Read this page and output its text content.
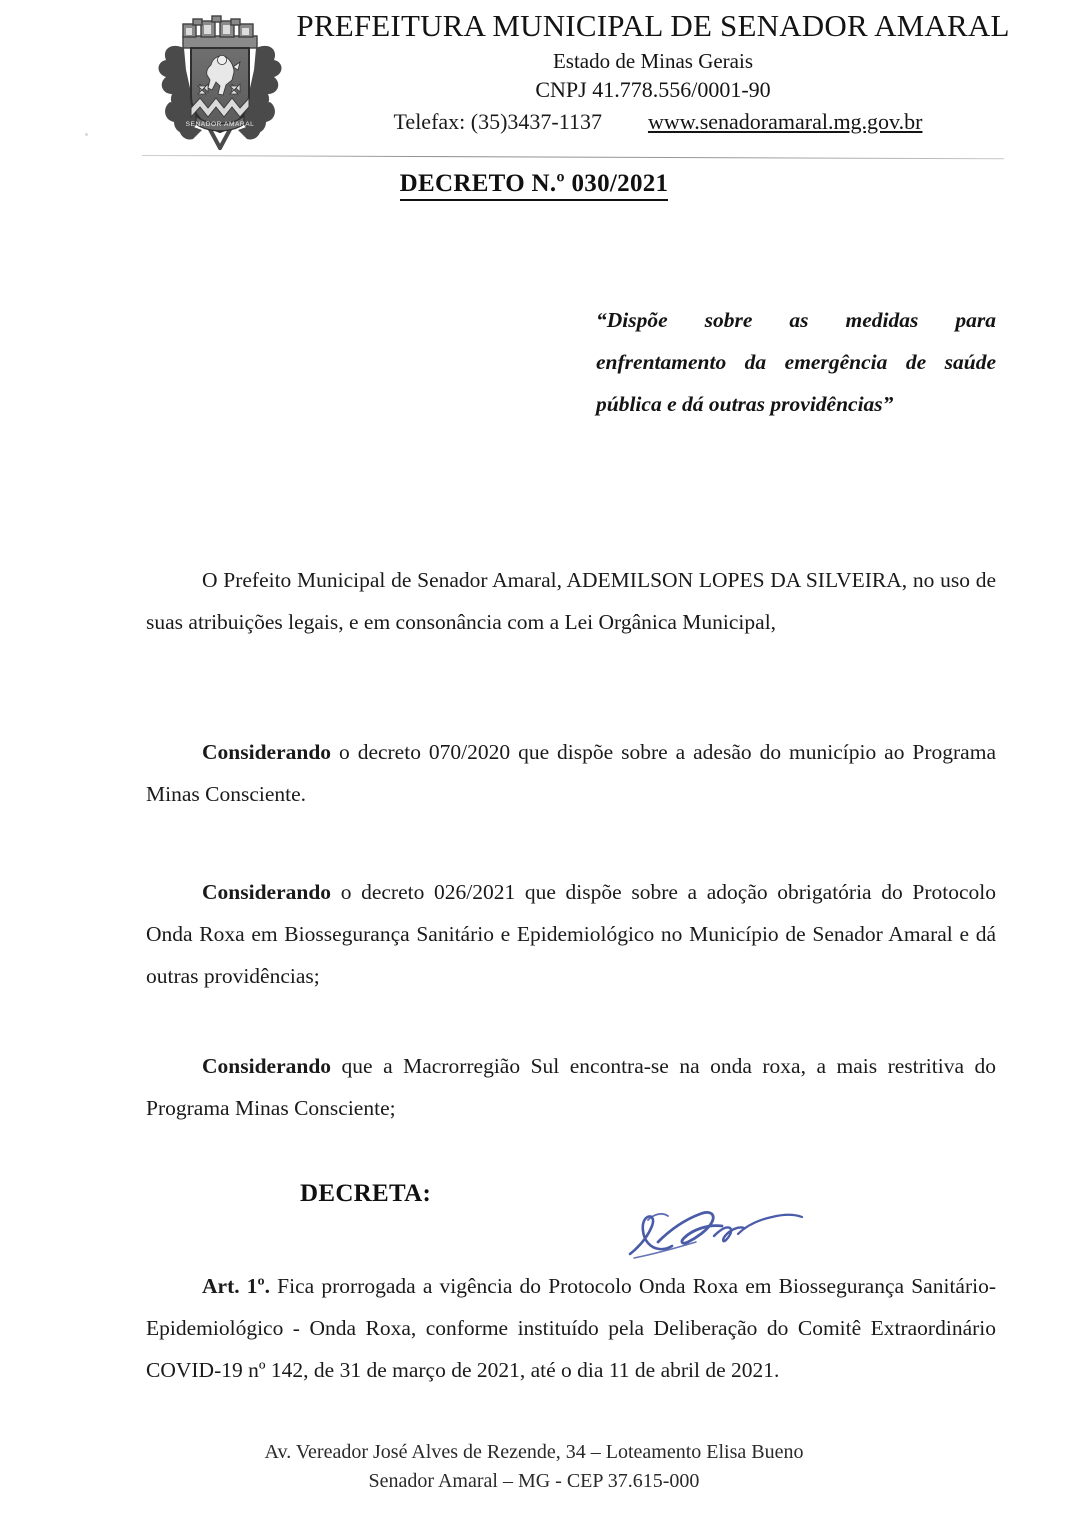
SENADOR AMARAL
PREFEITURA MUNICIPAL DE SENADOR AMARAL
Estado de Minas Gerais
CNPJ 41.778.556/0001-90
Telefax: (35)3437-1137 www.senadoramaral.mg.gov.br
DECRETO N.º 030/2021
“Dispõe sobre as medidas para enfrentamento da emergência de saúde pública e dá outras providências”

O Prefeito Municipal de Senador Amaral, ADEMILSON LOPES DA SILVEIRA, no uso de suas atribuições legais, e em consonância com a Lei Orgânica Municipal,

Considerando o decreto 070/2020 que dispõe sobre a adesão do município ao Programa Minas Consciente.

Considerando o decreto 026/2021 que dispõe sobre a adoção obrigatória do Protocolo Onda Roxa em Biossegurança Sanitário e Epidemiológico no Município de Senador Amaral e dá outras providências;

Considerando que a Macrorregião Sul encontra-se na onda roxa, a mais restritiva do Programa Minas Consciente;

DECRETA:

Art. 1º. Fica prorrogada a vigência do Protocolo Onda Roxa em Biossegurança Sanitário-Epidemiológico - Onda Roxa, conforme instituído pela Deliberação do Comitê Extraordinário COVID-19 nº 142, de 31 de março de 2021, até o dia 11 de abril de 2021.

Av. Vereador José Alves de Rezende, 34 – Loteamento Elisa Bueno
Senador Amaral – MG - CEP 37.615-000
